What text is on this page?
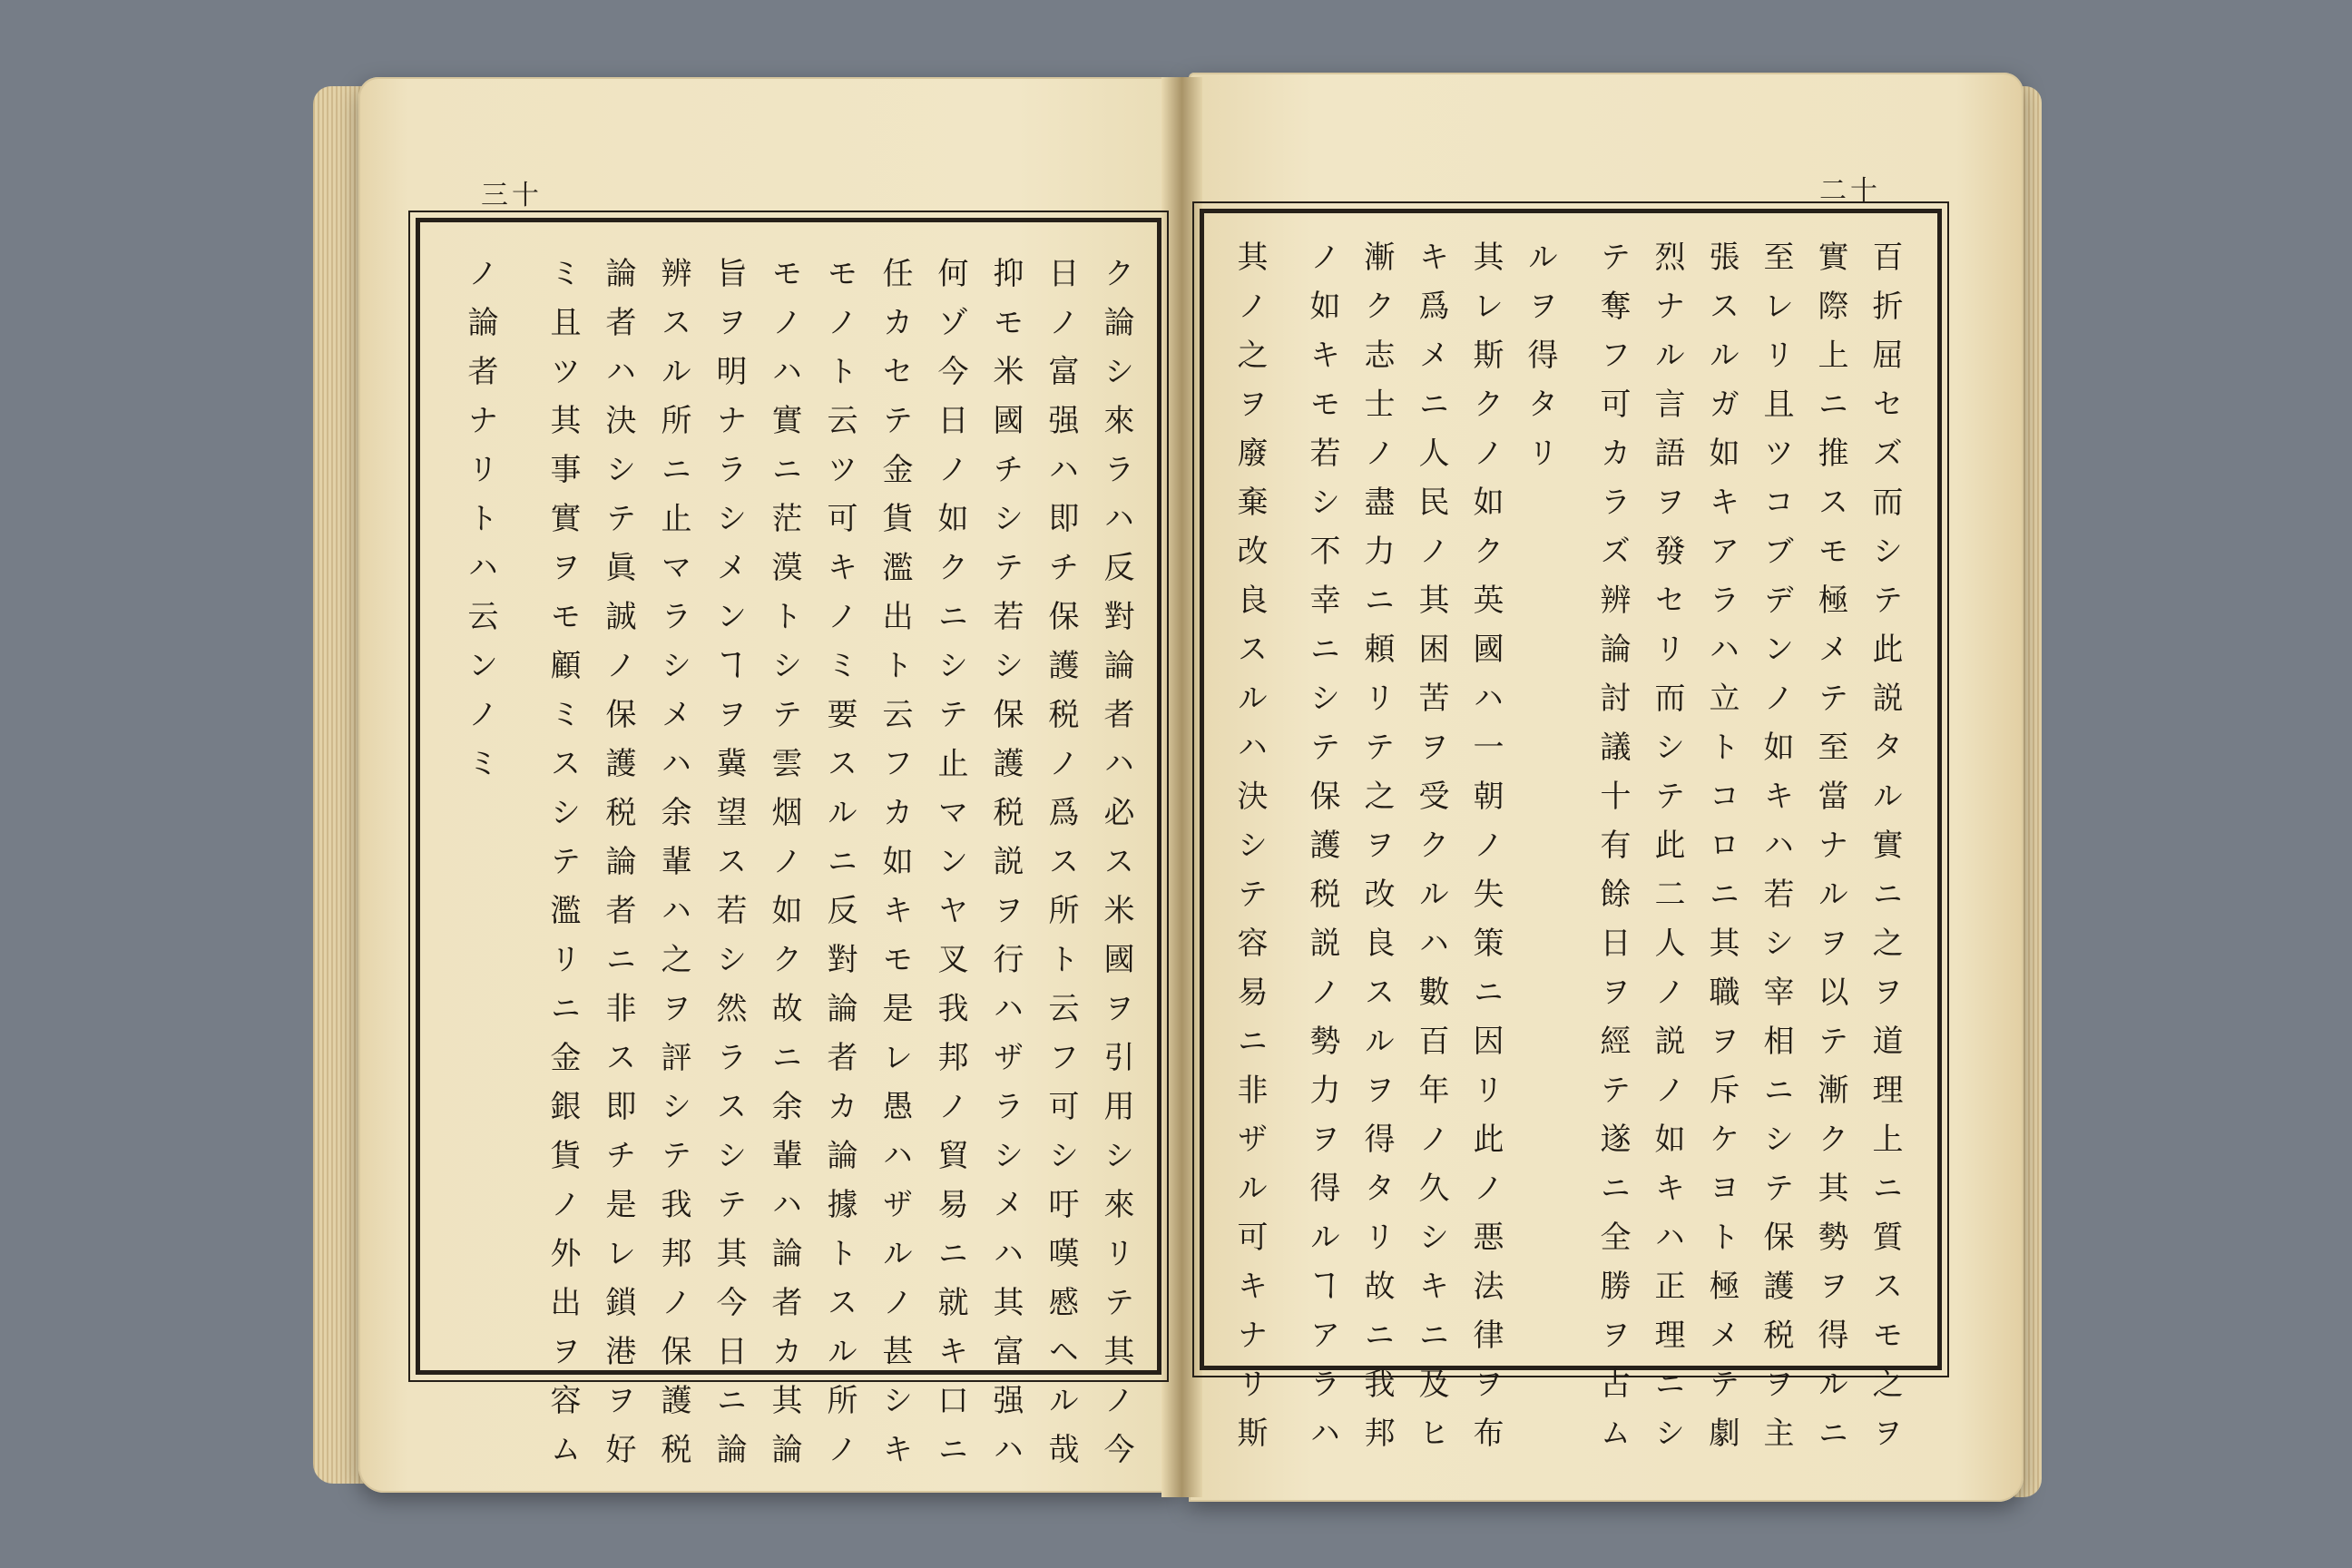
三十	二十
ク論シ來ラハ反對論者ハ必ス米國ヲ引用シ來リテ其ノ今
日ノ富强ハ即チ保護税ノ爲ス所ト云フ可シ吁嘆慼ヘル哉
抑モ米國チシテ若シ保護税説ヲ行ハザラシメハ其富强ハ
何ゾ今日ノ如クニシテ止マンヤ叉我邦ノ貿易ニ就キ口ニ
任カセテ金貨濫出ト云フカ如キモ是レ愚ハザルノ甚シキ
モノト云ツ可キノミ要スルニ反對論者カ論據トスル所ノ
モノハ實ニ茫漠トシテ雲烟ノ如ク故ニ余輩ハ論者カ其論
旨ヲ明ナラシメンヿヲ冀望ス若シ然ラスシテ其今日ニ論
辨スル所ニ止マラシメハ余輩ハ之ヲ評シテ我邦ノ保護税
論者ハ決シテ眞誠ノ保護税論者ニ非ス即チ是レ鎖港ヲ好
ミ且ツ其事實ヲモ顧ミスシテ濫リニ金銀貨ノ外出ヲ容ム
ノ論者ナリトハ云ンノミ	百折屈セズ而シテ此説タル實ニ之ヲ道理上ニ質スモ之ヲ
實際上ニ推スモ極メテ至當ナルヲ以テ漸ク其勢ヲ得ルニ
至レリ且ツコブデンノ如キハ若シ宰相ニシテ保護税ヲ主
張スルガ如キアラハ立トコロニ其職ヲ斥ケヨト極メテ劇
烈ナル言語ヲ發セリ而シテ此二人ノ説ノ如キハ正理ニシ
テ奪フ可カラズ辨論討議十有餘日ヲ經テ遂ニ全勝ヲ占ム
ルヲ得タリ
其レ斯クノ如ク英國ハ一朝ノ失策ニ因リ此ノ悪法律ヲ布
キ爲メニ人民ノ其困苦ヲ受クルハ數百年ノ久シキニ及ヒ
漸ク志士ノ盡力ニ頼リテ之ヲ改良スルヲ得タリ故ニ我邦
ノ如キモ若シ不幸ニシテ保護税説ノ勢力ヲ得ルヿアラハ
其ノ之ヲ廢棄改良スルハ決シテ容易ニ非ザル可キナリ斯
